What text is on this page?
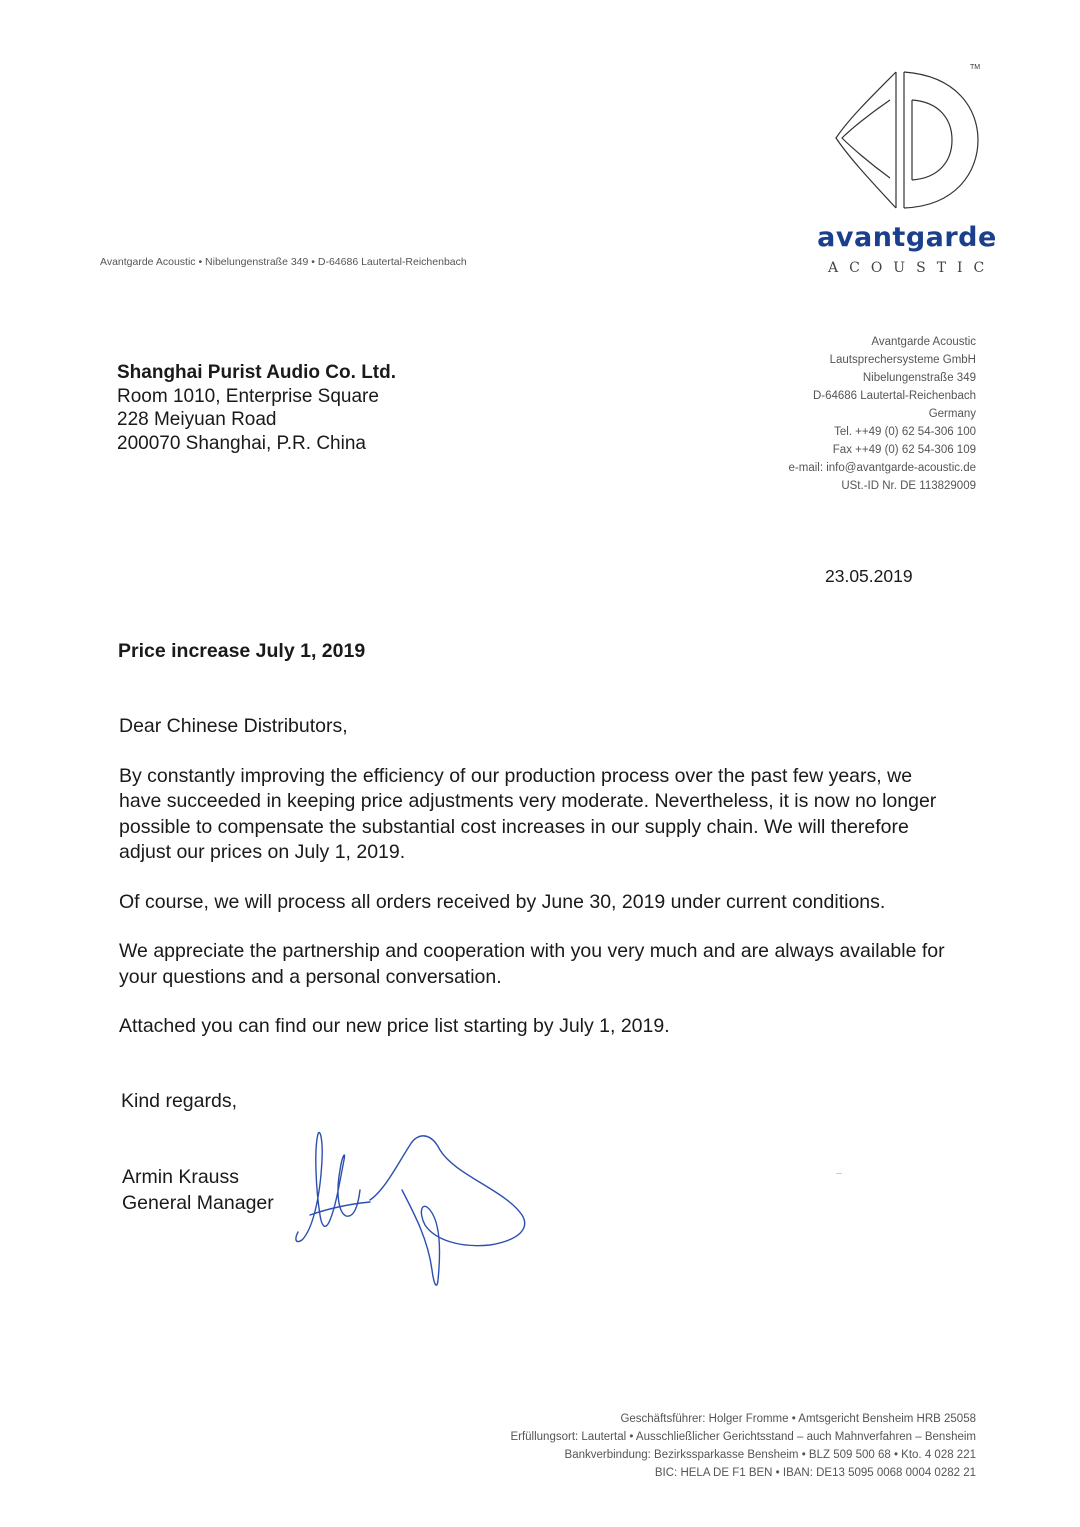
TM
avantgarde
ACOUSTIC
Avantgarde Acoustic • Nibelungenstraße 349 • D-64686 Lautertal-Reichenbach
Shanghai Purist Audio Co. Ltd.
Room 1010, Enterprise Square
228 Meiyuan Road
200070 Shanghai, P.R. China
Avantgarde Acoustic
Lautsprechersysteme GmbH
Nibelungenstraße 349
D-64686 Lautertal-Reichenbach
Germany
Tel. ++49 (0) 62 54-306 100
Fax ++49 (0) 62 54-306 109
e-mail: info@avantgarde-acoustic.de
USt.-ID Nr. DE 113829009
23.05.2019
Price increase July 1, 2019

Dear Chinese Distributors,

By constantly improving the efficiency of our production process over the past few years, we have succeeded in keeping price adjustments very moderate. Nevertheless, it is now no longer possible to compensate the substantial cost increases in our supply chain. We will therefore adjust our prices on July 1, 2019.

Of course, we will process all orders received by June 30, 2019 under current conditions.

We appreciate the partnership and cooperation with you very much and are always available for your questions and a personal conversation.

Attached you can find our new price list starting by July 1, 2019.

Kind regards,
Armin Krauss
General Manager
Geschäftsführer: Holger Fromme • Amtsgericht Bensheim HRB 25058
Erfüllungsort: Lautertal • Ausschließlicher Gerichtsstand – auch Mahnverfahren – Bensheim
Bankverbindung: Bezirkssparkasse Bensheim • BLZ 509 500 68 • Kto. 4 028 221
BIC: HELA DE F1 BEN • IBAN: DE13 5095 0068 0004 0282 21
